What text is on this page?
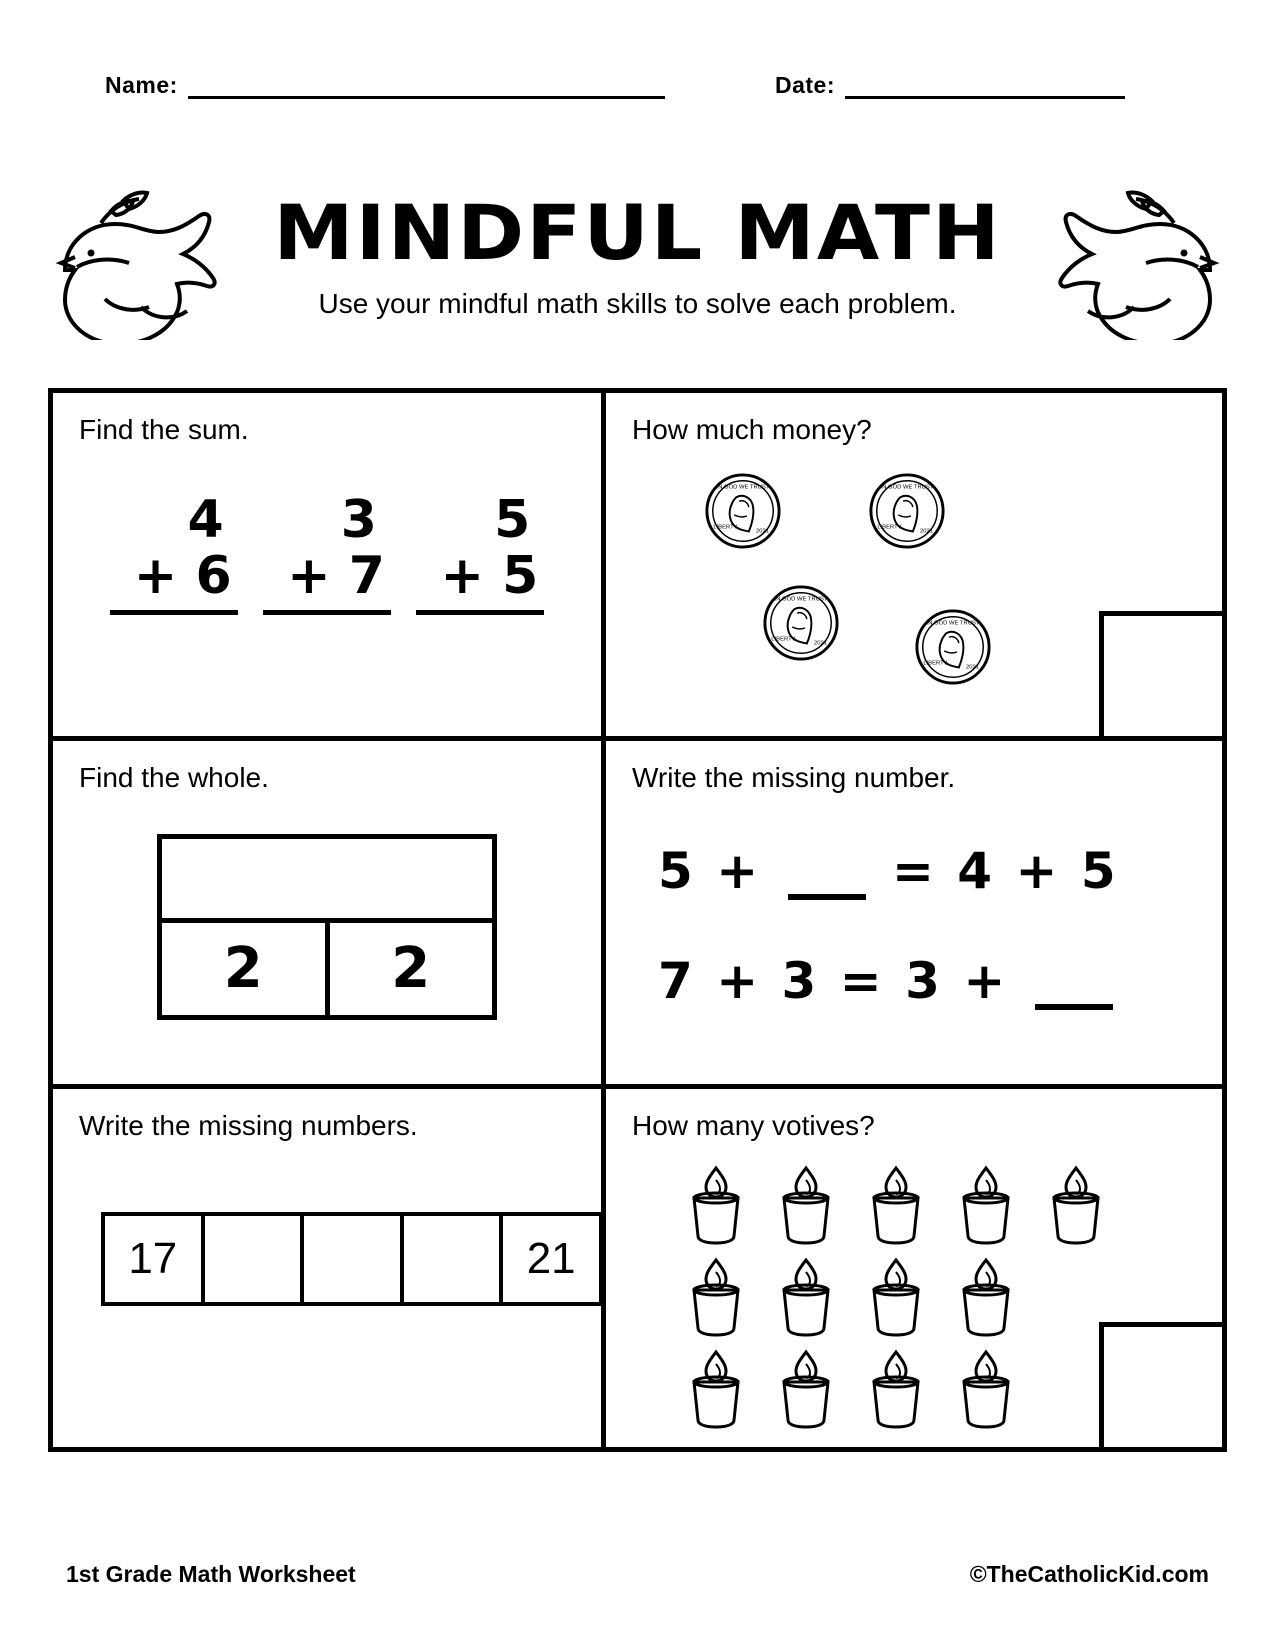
Name:	Date:
MINDFUL MATH

Use your mindful math skills to solve each problem.

Find the sum.

4
+ 6
3
+ 7
5
+ 5

How much money?

IN GOD WE TRUST
LIBERTY
2021
IN GOD WE TRUST
LIBERTY
2021
IN GOD WE TRUST
LIBERTY
2021
IN GOD WE TRUST
LIBERTY
2021

Find the whole.

2	2

Write the missing number.

5 +	= 4 + 5
7 + 3 = 3 +

Write the missing numbers.

17	21

How many votives?

1st Grade Math Worksheet	©TheCatholicKid.com
